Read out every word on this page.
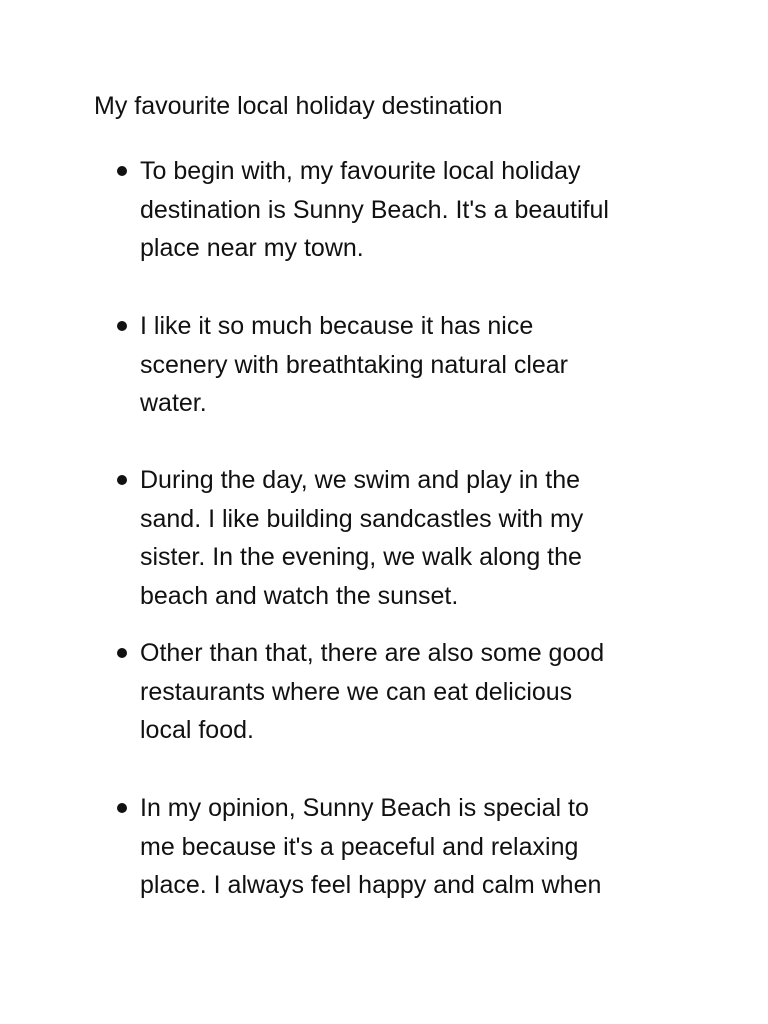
My favourite local holiday destination
To begin with, my favourite local holiday
destination is Sunny Beach. It's a beautiful
place near my town.
I like it so much because it has nice
scenery with breathtaking natural clear
water.
During the day, we swim and play in the
sand. I like building sandcastles with my
sister. In the evening, we walk along the
beach and watch the sunset.
Other than that, there are also some good
restaurants where we can eat delicious
local food.
In my opinion, Sunny Beach is special to
me because it's a peaceful and relaxing
place. I always feel happy and calm when
